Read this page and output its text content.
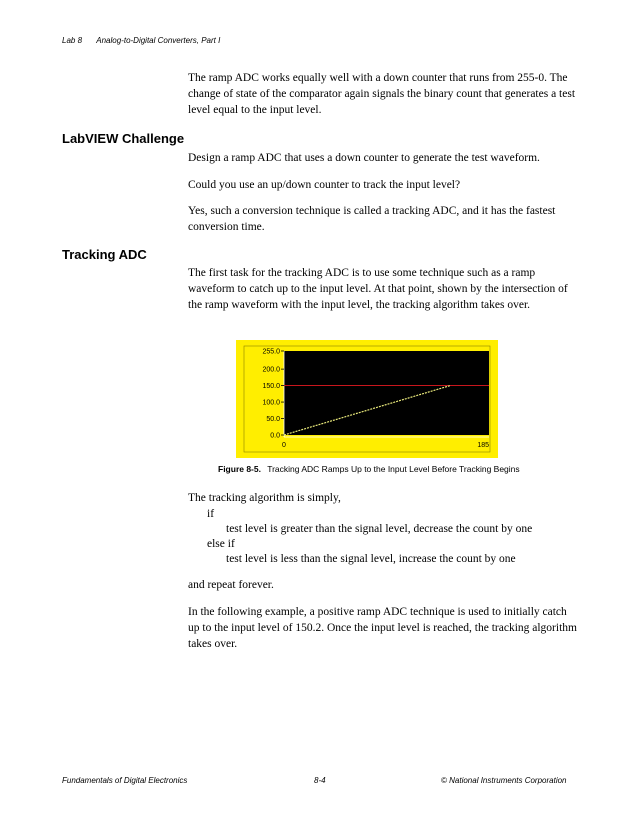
Lab 8 Analog-to-Digital Converters, Part I
The ramp ADC works equally well with a down counter that runs from 255-0. The change of state of the comparator again signals the binary count that generates a test level equal to the input level.
LabVIEW Challenge
Design a ramp ADC that uses a down counter to generate the test waveform.
Could you use an up/down counter to track the input level?
Yes, such a conversion technique is called a tracking ADC, and it has the fastest conversion time.
Tracking ADC
The first task for the tracking ADC is to use some technique such as a ramp waveform to catch up to the input level. At that point, shown by the intersection of the ramp waveform with the input level, the tracking algorithm takes over.
255.0
200.0
150.0
100.0
50.0
0.0
0	185
Figure 8-5. Tracking ADC Ramps Up to the Input Level Before Tracking Begins
The tracking algorithm is simply,
if
test level is greater than the signal level, decrease the count by one
else if
test level is less than the signal level, increase the count by one
and repeat forever.
In the following example, a positive ramp ADC technique is used to initially catch up to the input level of 150.2. Once the input level is reached, the tracking algorithm takes over.
Fundamentals of Digital Electronics	8-4	© National Instruments Corporation
